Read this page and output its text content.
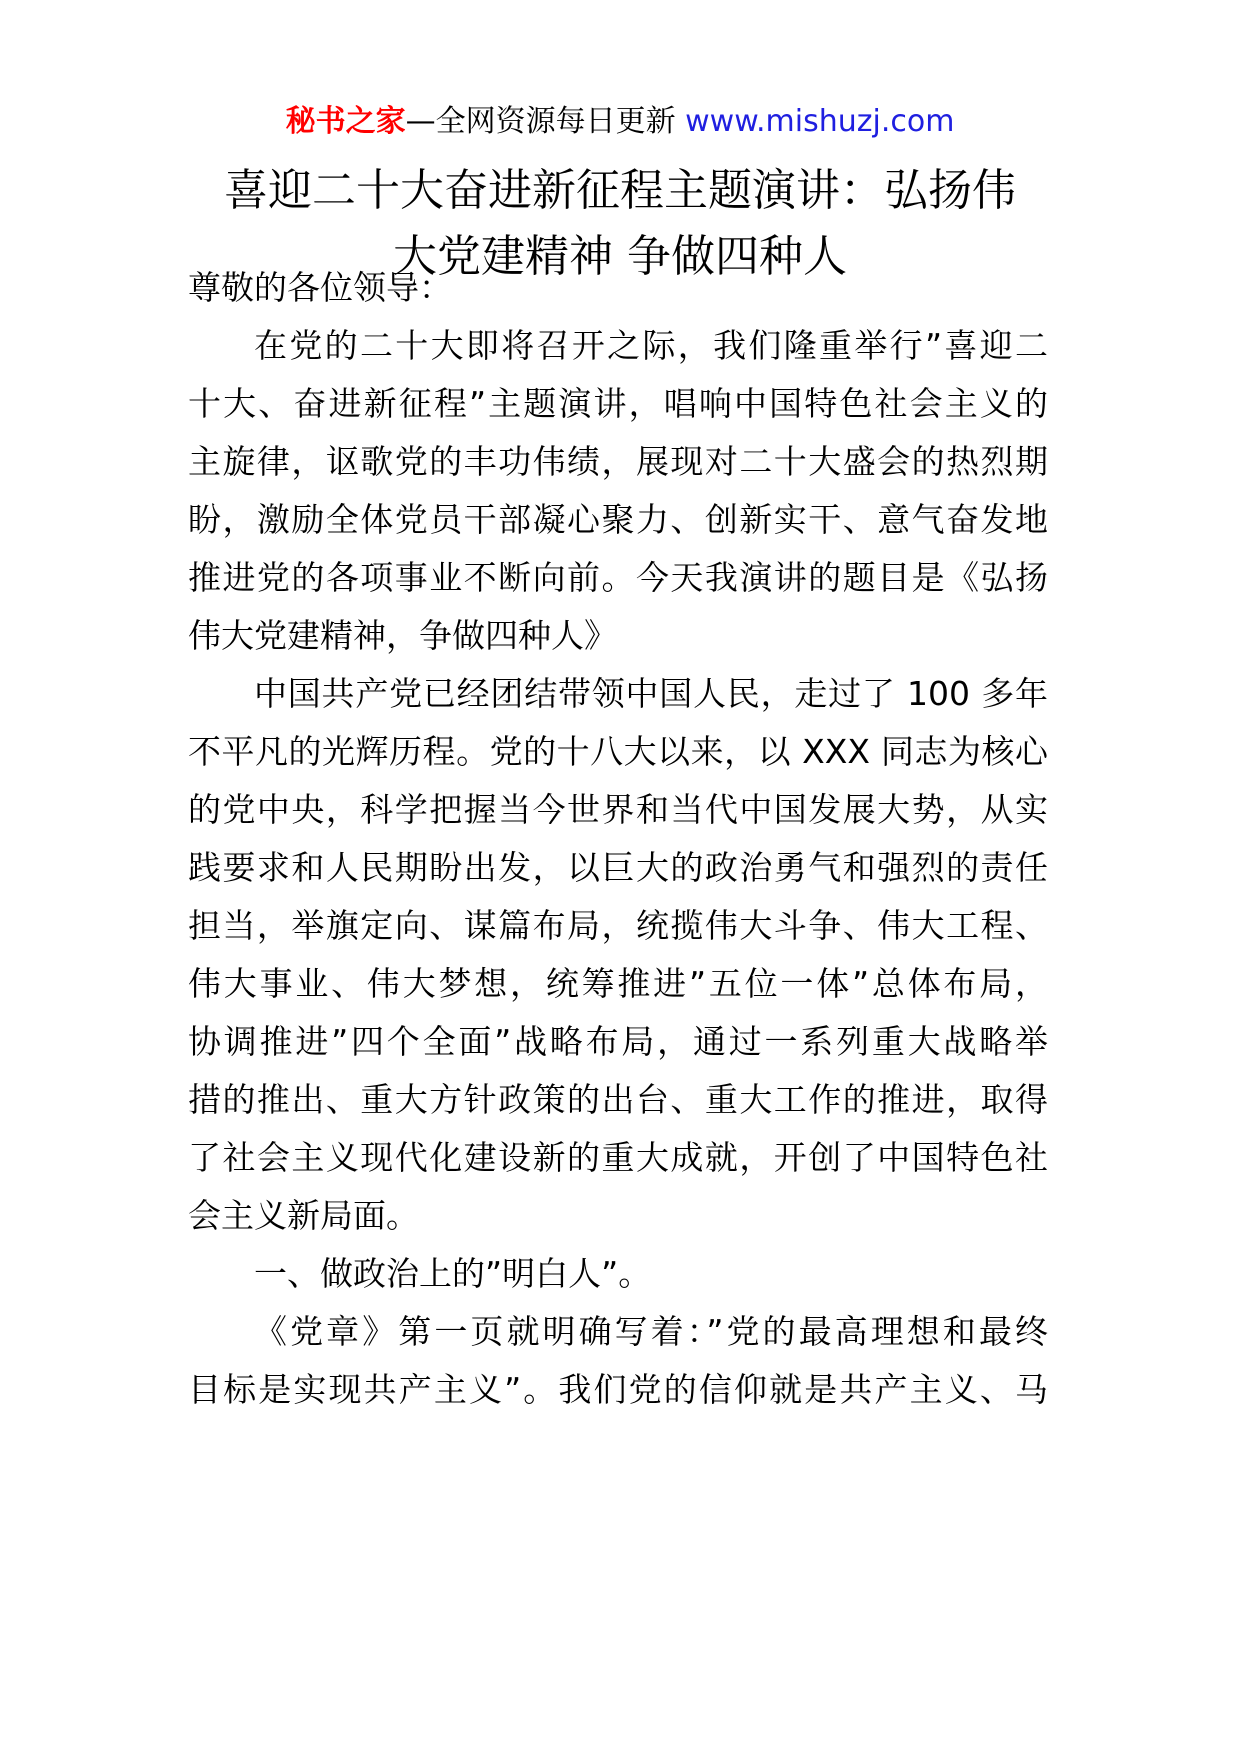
秘书之家—全网资源每日更新 www.mishuzj.com
喜迎二十大奋进新征程主题演讲：弘扬伟
大党建精神 争做四种人
尊敬的各位领导：
在党的二十大即将召开之际，我们隆重举行”喜迎二
十大、奋进新征程”主题演讲，唱响中国特色社会主义的
主旋律，讴歌党的丰功伟绩，展现对二十大盛会的热烈期
盼，激励全体党员干部凝心聚力、创新实干、意气奋发地
推进党的各项事业不断向前。今天我演讲的题目是《弘扬
伟大党建精神，争做四种人》
中国共产党已经团结带领中国人民，走过了 100 多年
不平凡的光辉历程。党的十八大以来，以 XXX 同志为核心
的党中央，科学把握当今世界和当代中国发展大势，从实
践要求和人民期盼出发，以巨大的政治勇气和强烈的责任
担当，举旗定向、谋篇布局，统揽伟大斗争、伟大工程、
伟大事业、伟大梦想，统筹推进”五位一体”总体布局，
协调推进”四个全面”战略布局，通过一系列重大战略举
措的推出、重大方针政策的出台、重大工作的推进，取得
了社会主义现代化建设新的重大成就，开创了中国特色社
会主义新局面。
一、做政治上的”明白人”。
《党章》第一页就明确写着：”党的最高理想和最终
目标是实现共产主义”。我们党的信仰就是共产主义、马
